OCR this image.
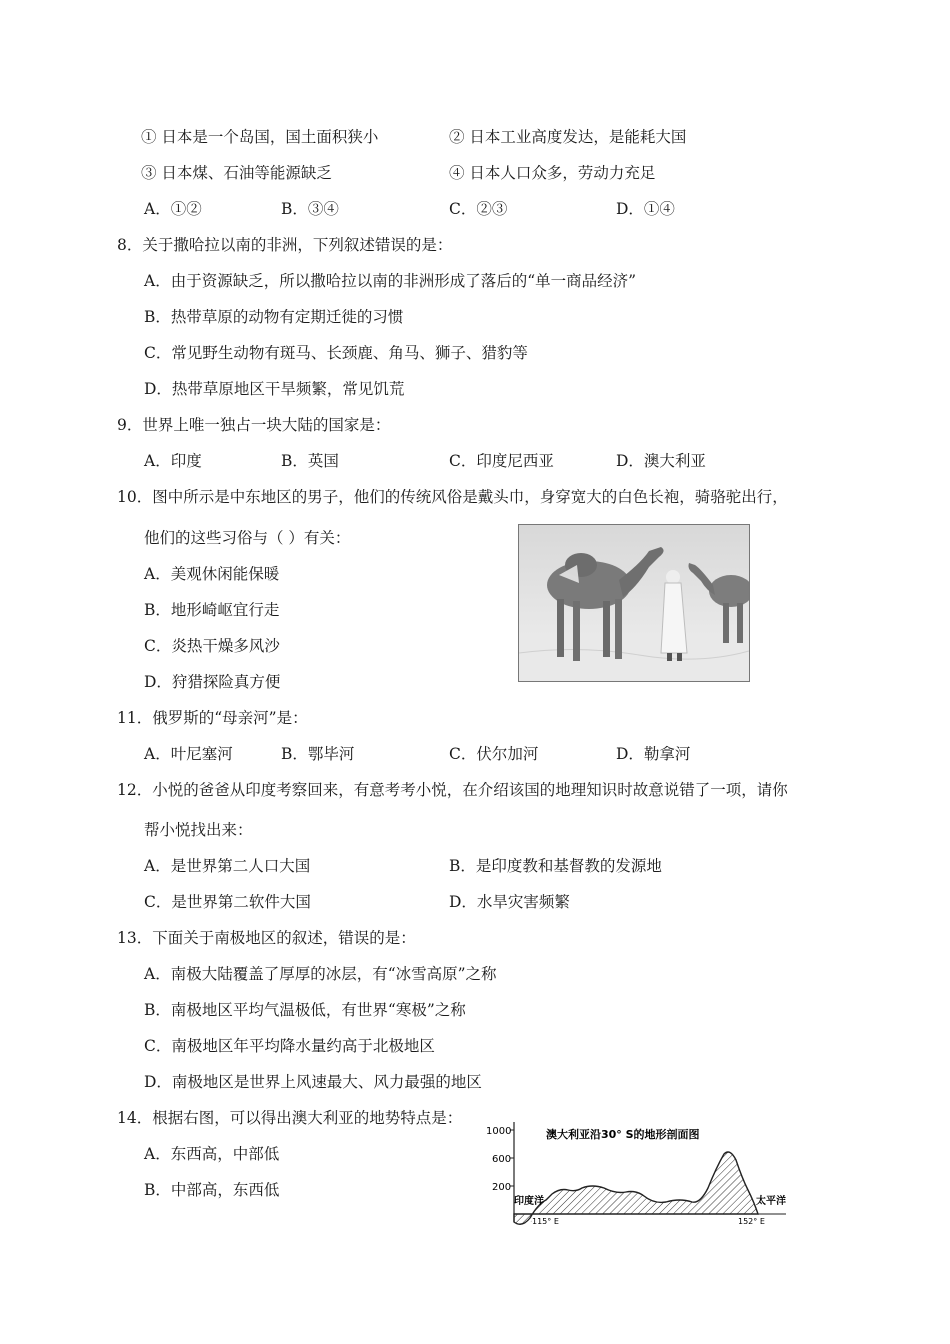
① 日本是一个岛国，国土面积狭小	② 日本工业高度发达，是能耗大国
③ 日本煤、石油等能源缺乏	④ 日本人口众多，劳动力充足
A．①②	B．③④	C．②③	D．①④
8．关于撒哈拉以南的非洲，下列叙述错误的是：
A．由于资源缺乏，所以撒哈拉以南的非洲形成了落后的“单一商品经济”
B．热带草原的动物有定期迁徙的习惯
C．常见野生动物有斑马、长颈鹿、角马、狮子、猎豹等
D．热带草原地区干旱频繁，常见饥荒
9．世界上唯一独占一块大陆的国家是：
A．印度	B．英国	C．印度尼西亚	D．澳大利亚
10．图中所示是中东地区的男子，他们的传统风俗是戴头巾，身穿宽大的白色长袍，骑骆驼出行，
他们的这些习俗与（ ）有关：
A．美观休闲能保暖
B．地形崎岖宜行走
C．炎热干燥多风沙
D．狩猎探险真方便
11．俄罗斯的“母亲河”是：
A．叶尼塞河	B．鄂毕河	C．伏尔加河	D．勒拿河
12．小悦的爸爸从印度考察回来，有意考考小悦，在介绍该国的地理知识时故意说错了一项，请你
帮小悦找出来：
A．是世界第二人口大国	B．是印度教和基督教的发源地
C．是世界第二软件大国	D．水旱灾害频繁
13．下面关于南极地区的叙述，错误的是：
A．南极大陆覆盖了厚厚的冰层，有“冰雪高原”之称
B．南极地区平均气温极低，有世界“寒极”之称
C．南极地区年平均降水量约高于北极地区
D．南极地区是世界上风速最大、风力最强的地区
14．根据右图，可以得出澳大利亚的地势特点是：
A．东西高，中部低
B．中部高，东西低
1000
600
200
澳大利亚沿30° S的地形剖面图
印度洋	太平洋
115° E	152° E
